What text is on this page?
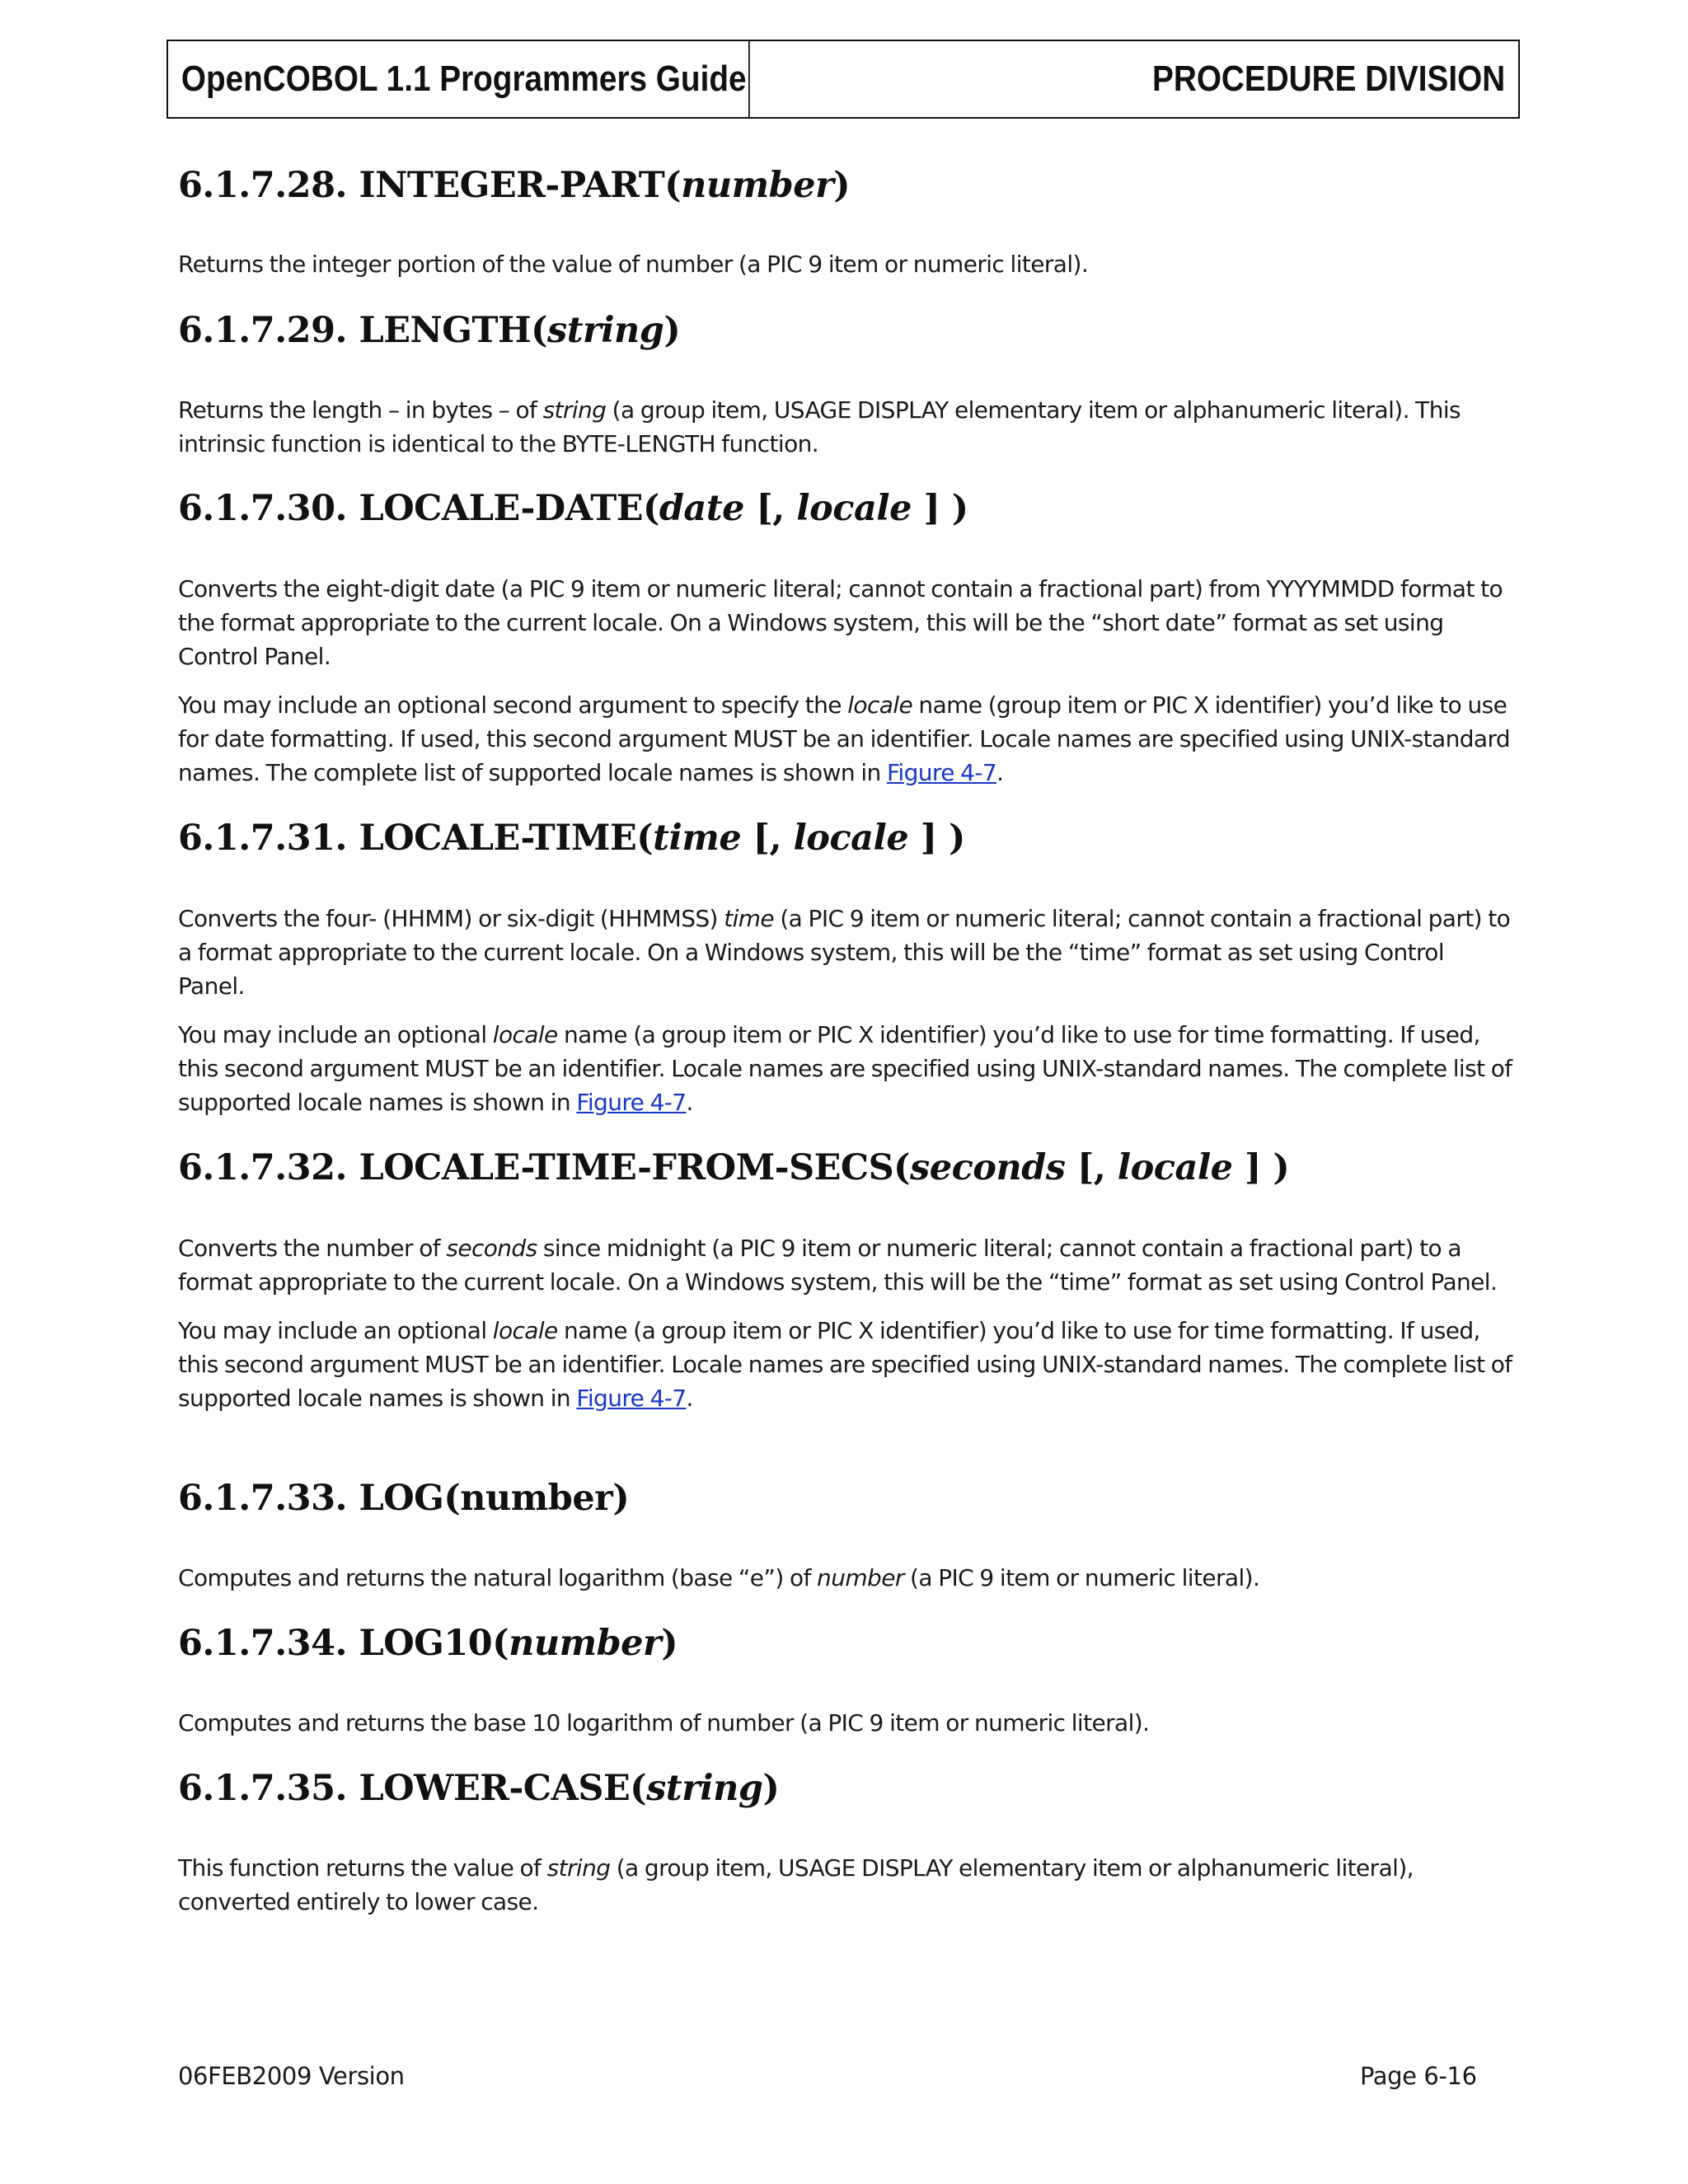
OpenCOBOL 1.1 Programmers Guide	PROCEDURE DIVISION
6.1.7.28. INTEGER-PART(number)

Returns the integer portion of the value of number (a PIC 9 item or numeric literal).

6.1.7.29. LENGTH(string)

Returns the length – in bytes – of string (a group item, USAGE DISPLAY elementary item or alphanumeric literal). This intrinsic function is identical to the BYTE-LENGTH function.

6.1.7.30. LOCALE-DATE(date [, locale ] )

Converts the eight-digit date (a PIC 9 item or numeric literal; cannot contain a fractional part) from YYYYMMDD format to the format appropriate to the current locale. On a Windows system, this will be the “short date” format as set using Control Panel.

You may include an optional second argument to specify the locale name (group item or PIC X identifier) you’d like to use for date formatting. If used, this second argument MUST be an identifier. Locale names are specified using UNIX-standard names. The complete list of supported locale names is shown in Figure 4-7.

6.1.7.31. LOCALE-TIME(time [, locale ] )

Converts the four- (HHMM) or six-digit (HHMMSS) time (a PIC 9 item or numeric literal; cannot contain a fractional part) to a format appropriate to the current locale. On a Windows system, this will be the “time” format as set using Control Panel.

You may include an optional locale name (a group item or PIC X identifier) you’d like to use for time formatting. If used, this second argument MUST be an identifier. Locale names are specified using UNIX-standard names. The complete list of supported locale names is shown in Figure 4-7.

6.1.7.32. LOCALE-TIME-FROM-SECS(seconds [, locale ] )

Converts the number of seconds since midnight (a PIC 9 item or numeric literal; cannot contain a fractional part) to a format appropriate to the current locale. On a Windows system, this will be the “time” format as set using Control Panel.

You may include an optional locale name (a group item or PIC X identifier) you’d like to use for time formatting. If used, this second argument MUST be an identifier. Locale names are specified using UNIX-standard names. The complete list of supported locale names is shown in Figure 4-7.

6.1.7.33. LOG(number)

Computes and returns the natural logarithm (base “e”) of number (a PIC 9 item or numeric literal).

6.1.7.34. LOG10(number)

Computes and returns the base 10 logarithm of number (a PIC 9 item or numeric literal).

6.1.7.35. LOWER-CASE(string)

This function returns the value of string (a group item, USAGE DISPLAY elementary item or alphanumeric literal), converted entirely to lower case.

06FEB2009 Version	Page 6-16
